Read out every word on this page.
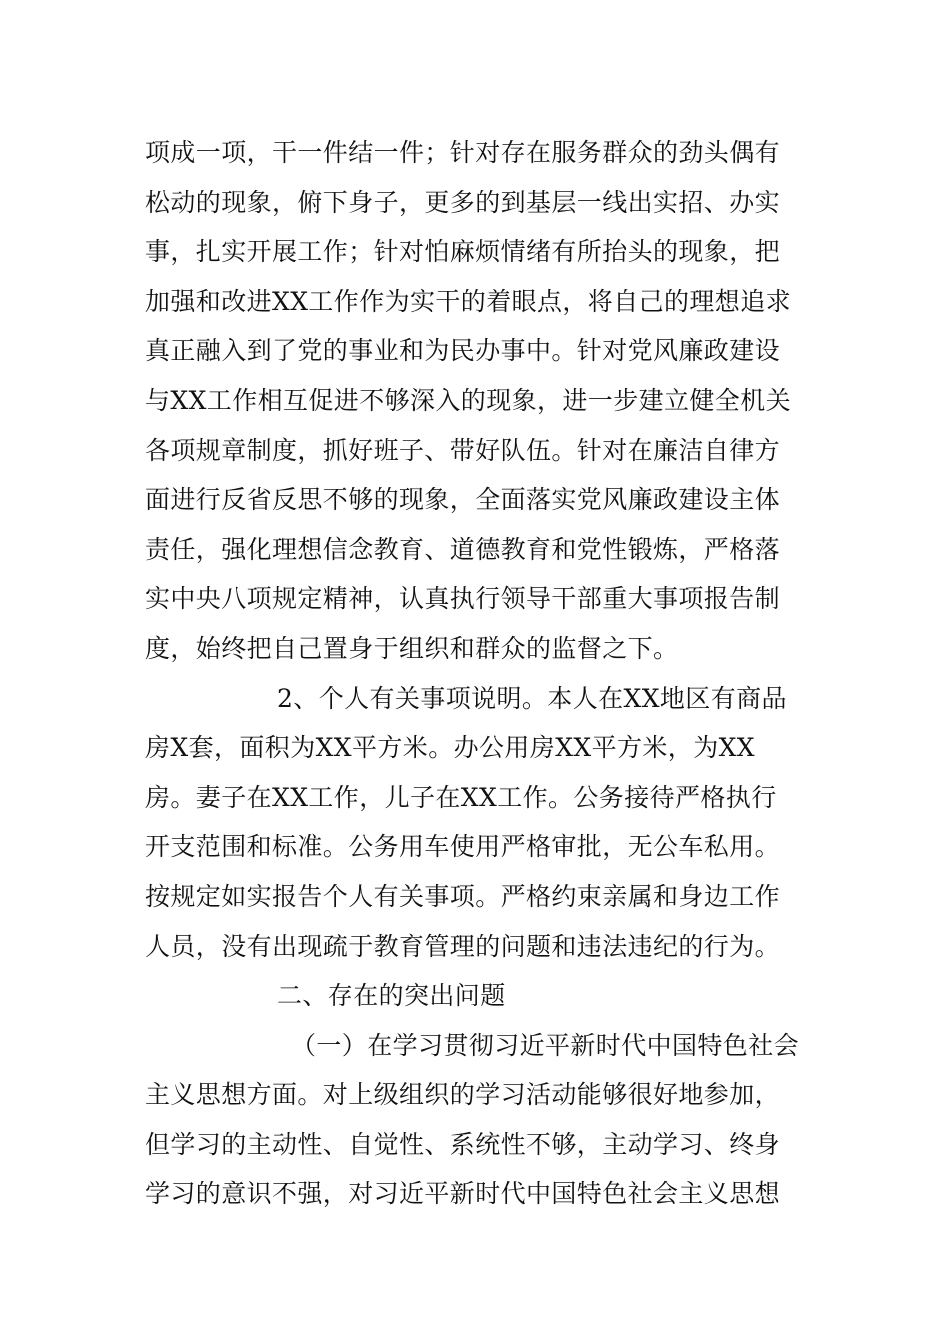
项成一项，干一件结一件；针对存在服务群众的劲头偶有
松动的现象，俯下身子，更多的到基层一线出实招、办实
事，扎实开展工作；针对怕麻烦情绪有所抬头的现象，把
加强和改进XX工作作为实干的着眼点，将自己的理想追求
真正融入到了党的事业和为民办事中。针对党风廉政建设
与XX工作相互促进不够深入的现象，进一步建立健全机关
各项规章制度，抓好班子、带好队伍。针对在廉洁自律方
面进行反省反思不够的现象，全面落实党风廉政建设主体
责任，强化理想信念教育、道德教育和党性锻炼，严格落
实中央八项规定精神，认真执行领导干部重大事项报告制
度，始终把自己置身于组织和群众的监督之下。
2、个人有关事项说明。本人在XX地区有商品
房X套，面积为XX平方米。办公用房XX平方米，为XX
房。妻子在XX工作，儿子在XX工作。公务接待严格执行
开支范围和标准。公务用车使用严格审批，无公车私用。
按规定如实报告个人有关事项。严格约束亲属和身边工作
人员，没有出现疏于教育管理的问题和违法违纪的行为。
二、存在的突出问题
（一）在学习贯彻习近平新时代中国特色社会
主义思想方面。对上级组织的学习活动能够很好地参加，
但学习的主动性、自觉性、系统性不够，主动学习、终身
学习的意识不强，对习近平新时代中国特色社会主义思想
